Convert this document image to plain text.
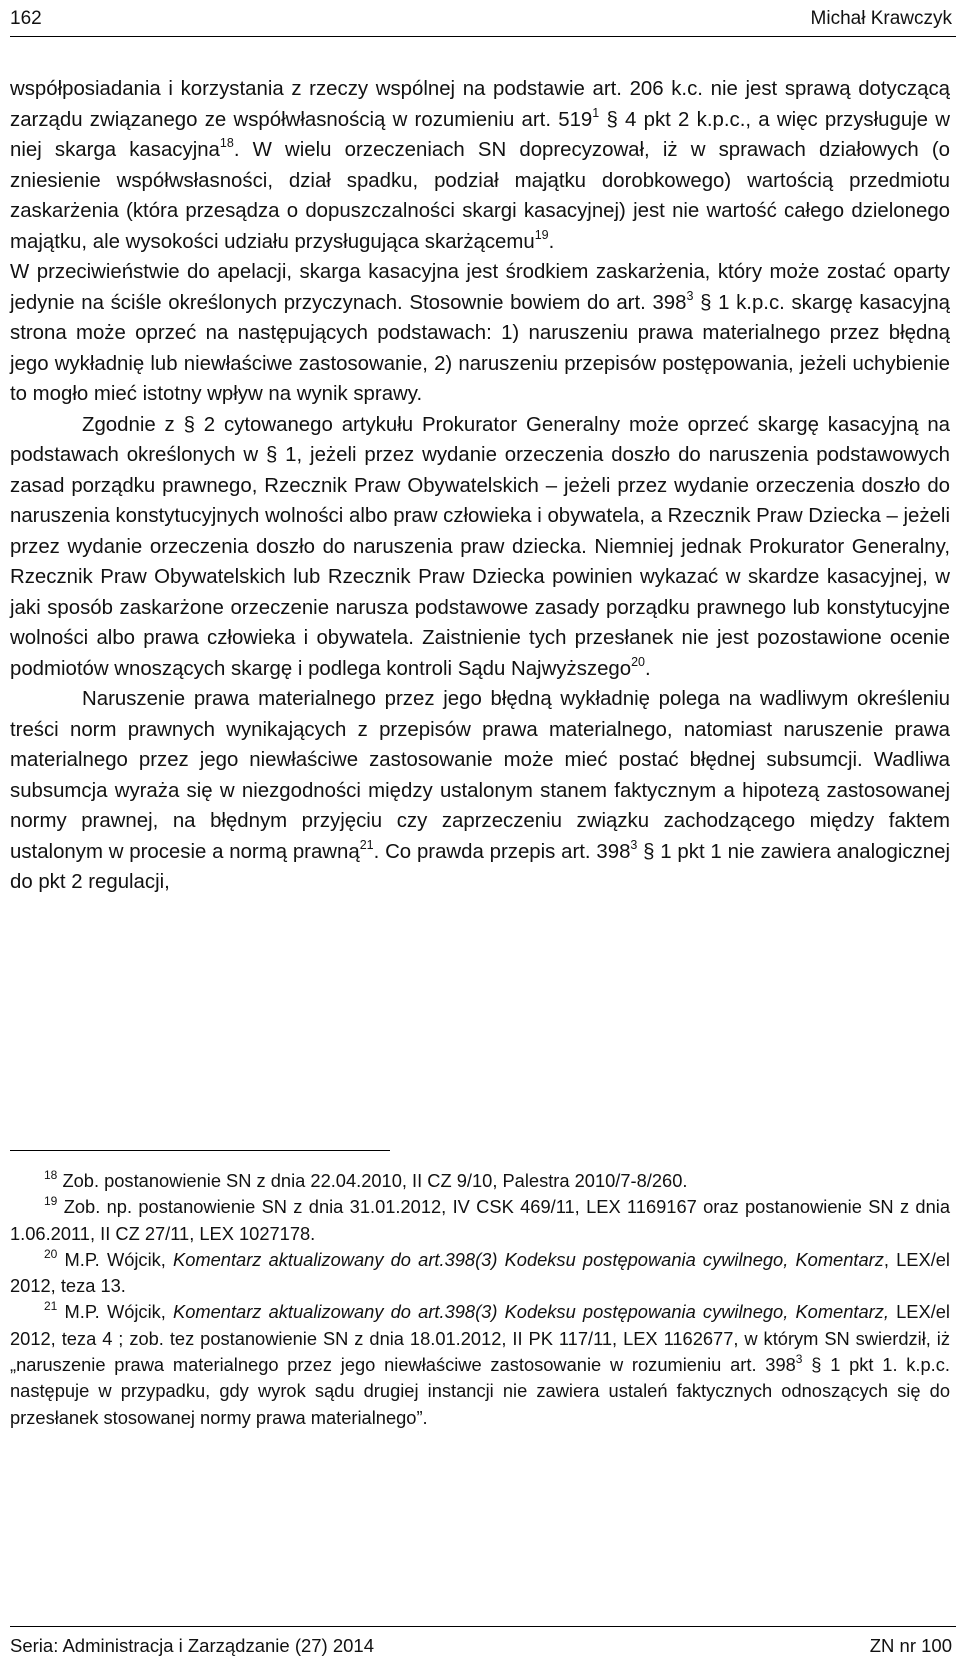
162	Michał Krawczyk

współposiadania i korzystania z rzeczy wspólnej na podstawie art. 206 k.c. nie jest sprawą dotyczącą zarządu związanego ze współwłasnością w rozumieniu art. $519^1$ § 4 pkt 2 k.p.c., a więc przysługuje w niej skarga kasacyjna$^{18}$. W wielu orzeczeniach SN doprecyzował, iż w sprawach działowych (o zniesienie współwsłasności, dział spadku, podział majątku dorobkowego) wartością przedmiotu zaskarżenia (która przesądza o dopuszczalności skargi kasacyjnej) jest nie wartość całego dzielonego majątku, ale wysokości udziału przysługująca skarżącemu$^{19}$.

W przeciwieństwie do apelacji, skarga kasacyjna jest środkiem zaskarżenia, który może zostać oparty jedynie na ściśle określonych przyczynach. Stosownie bowiem do art. $398^3$ § 1 k.p.c. skargę kasacyjną strona może oprzeć na następujących podstawach: 1) naruszeniu prawa materialnego przez błędną jego wykładnię lub niewłaściwe zastosowanie, 2) naruszeniu przepisów postępowania, jeżeli uchybienie to mogło mieć istotny wpływ na wynik sprawy.

Zgodnie z § 2 cytowanego artykułu Prokurator Generalny może oprzeć skargę kasacyjną na podstawach określonych w § 1, jeżeli przez wydanie orzeczenia doszło do naruszenia podstawowych zasad porządku prawnego, Rzecznik Praw Obywatelskich – jeżeli przez wydanie orzeczenia doszło do naruszenia konstytucyjnych wolności albo praw człowieka i obywatela, a Rzecznik Praw Dziecka – jeżeli przez wydanie orzeczenia doszło do naruszenia praw dziecka. Niemniej jednak Prokurator Generalny, Rzecznik Praw Obywatelskich lub Rzecznik Praw Dziecka powinien wykazać w skardze kasacyjnej, w jaki sposób zaskarżone orzeczenie narusza podstawowe zasady porządku prawnego lub konstytucyjne wolności albo prawa człowieka i obywatela. Zaistnienie tych przesłanek nie jest pozostawione ocenie podmiotów wnoszących skargę i podlega kontroli Sądu Najwyższego$^{20}$.

Naruszenie prawa materialnego przez jego błędną wykładnię polega na wadliwym określeniu treści norm prawnych wynikających z przepisów prawa materialnego, natomiast naruszenie prawa materialnego przez jego niewłaściwe zastosowanie może mieć postać błędnej subsumcji. Wadliwa subsumcja wyraża się w niezgodności między ustalonym stanem faktycznym a hipotezą zastosowanej normy prawnej, na błędnym przyjęciu czy zaprzeczeniu związku zachodzącego między faktem ustalonym w procesie a normą prawną$^{21}$. Co prawda przepis art. $398^3$ § 1 pkt 1 nie zawiera analogicznej do pkt 2 regulacji,

$^{18}$ Zob. postanowienie SN z dnia 22.04.2010, II CZ 9/10, Palestra 2010/7-8/260.

$^{19}$ Zob. np. postanowienie SN z dnia 31.01.2012, IV CSK 469/11, LEX 1169167 oraz postanowienie SN z dnia 1.06.2011, II CZ 27/11, LEX 1027178.

$^{20}$ M.P. Wójcik, Komentarz aktualizowany do art.398(3) Kodeksu postępowania cywilnego, Komentarz, LEX/el 2012, teza 13.

$^{21}$ M.P. Wójcik, Komentarz aktualizowany do art.398(3) Kodeksu postępowania cywilnego, Komentarz, LEX/el 2012, teza 4 ; zob. tez postanowienie SN z dnia 18.01.2012, II PK 117/11, LEX 1162677, w którym SN swierdził, iż „naruszenie prawa materialnego przez jego niewłaściwe zastosowanie w rozumieniu art. $398^3$ § 1 pkt 1. k.p.c. następuje w przypadku, gdy wyrok sądu drugiej instancji nie zawiera ustaleń faktycznych odnoszących się do przesłanek stosowanej normy prawa materialnego”.

Seria: Administracja i Zarządzanie (27) 2014	ZN nr 100
